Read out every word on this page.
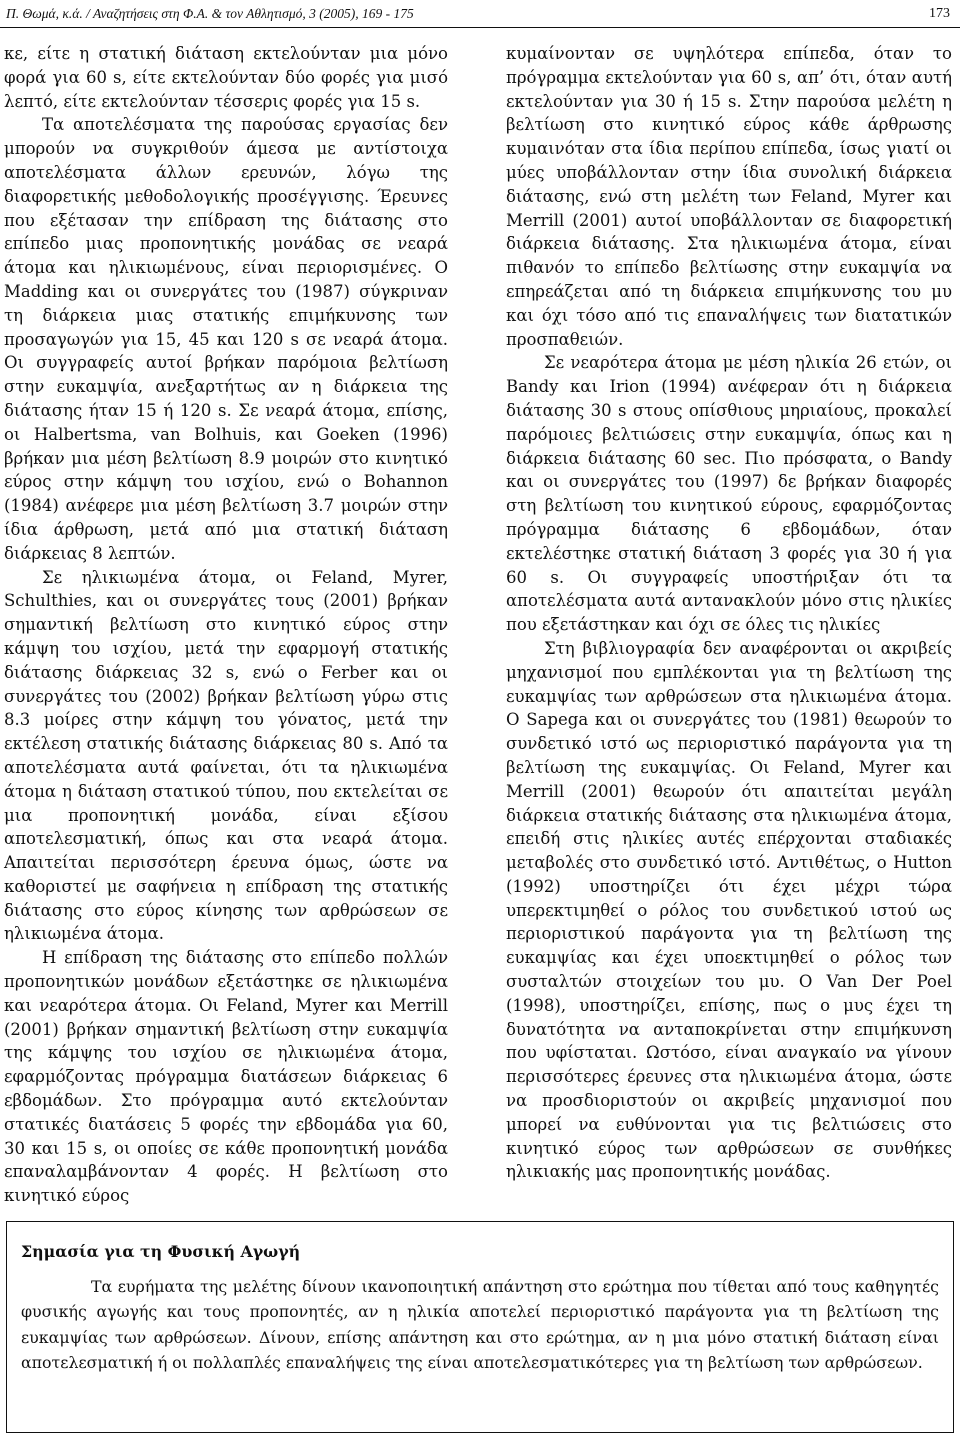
Π. Θωμά, κ.ά. / Αναζητήσεις στη Φ.Α. & τον Αθλητισμό, 3 (2005), 169 - 175	173

κε, είτε η στατική διάταση εκτελούνταν μια μόνο φορά για 60 s, είτε εκτελούνταν δύο φορές για μισό λεπτό, είτε εκτελούνταν τέσσερις φορές για 15 s.

Τα αποτελέσματα της παρούσας εργασίας δεν μπορούν να συγκριθούν άμεσα με αντίστοιχα αποτελέσματα άλλων ερευνών, λόγω της διαφορετικής μεθοδολογικής προσέγγισης. Έρευνες που εξέτασαν την επίδραση της διάτασης στο επίπεδο μιας προπονητικής μονάδας σε νεαρά άτομα και ηλικιωμένους, είναι περιορισμένες. Ο Madding και οι συνεργάτες του (1987) σύγκριναν τη διάρκεια μιας στατικής επιμήκυνσης των προσαγωγών για 15, 45 και 120 s σε νεαρά άτομα. Οι συγγραφείς αυτοί βρήκαν παρόμοια βελτίωση στην ευκαμψία, ανεξαρτήτως αν η διάρκεια της διάτασης ήταν 15 ή 120 s. Σε νεαρά άτομα, επίσης, οι Halbertsma, van Bolhuis, και Goeken (1996) βρήκαν μια μέση βελτίωση 8.9 μοιρών στο κινητικό εύρος στην κάμψη του ισχίου, ενώ ο Bohannon (1984) ανέφερε μια μέση βελτίωση 3.7 μοιρών στην ίδια άρθρωση, μετά από μια στατική διάταση διάρκειας 8 λεπτών.

Σε ηλικιωμένα άτομα, οι Feland, Myrer, Schulthies, και οι συνεργάτες τους (2001) βρήκαν σημαντική βελτίωση στο κινητικό εύρος στην κάμψη του ισχίου, μετά την εφαρμογή στατικής διάτασης διάρκειας 32 s, ενώ ο Ferber και οι συνεργάτες του (2002) βρήκαν βελτίωση γύρω στις 8.3 μοίρες στην κάμψη του γόνατος, μετά την εκτέλεση στατικής διάτασης διάρκειας 80 s. Από τα αποτελέσματα αυτά φαίνεται, ότι τα ηλικιωμένα άτομα η διάταση στατικού τύπου, που εκτελείται σε μια προπονητική μονάδα, είναι εξίσου αποτελεσματική, όπως και στα νεαρά άτομα. Απαιτείται περισσότερη έρευνα όμως, ώστε να καθοριστεί με σαφήνεια η επίδραση της στατικής διάτασης στο εύρος κίνησης των αρθρώσεων σε ηλικιωμένα άτομα.

Η επίδραση της διάτασης στο επίπεδο πολλών προπονητικών μονάδων εξετάστηκε σε ηλικιωμένα και νεαρότερα άτομα. Οι Feland, Myrer και Merrill (2001) βρήκαν σημαντική βελτίωση στην ευκαμψία της κάμψης του ισχίου σε ηλικιωμένα άτομα, εφαρμόζοντας πρόγραμμα διατάσεων διάρκειας 6 εβδομάδων. Στο πρόγραμμα αυτό εκτελούνταν στατικές διατάσεις 5 φορές την εβδομάδα για 60, 30 και 15 s, οι οποίες σε κάθε προπονητική μονάδα επαναλαμβάνονταν 4 φορές. Η βελτίωση στο κινητικό εύρος

κυμαίνονταν σε υψηλότερα επίπεδα, όταν το πρόγραμμα εκτελούνταν για 60 s, απ’ ότι, όταν αυτή εκτελούνταν για 30 ή 15 s. Στην παρούσα μελέτη η βελτίωση στο κινητικό εύρος κάθε άρθρωσης κυμαινόταν στα ίδια περίπου επίπεδα, ίσως γιατί οι μύες υποβάλλονταν στην ίδια συνολική διάρκεια διάτασης, ενώ στη μελέτη των Feland, Myrer και Merrill (2001) αυτοί υποβάλλονταν σε διαφορετική διάρκεια διάτασης. Στα ηλικιωμένα άτομα, είναι πιθανόν το επίπεδο βελτίωσης στην ευκαμψία να επηρεάζεται από τη διάρκεια επιμήκυνσης του μυ και όχι τόσο από τις επαναλήψεις των διατατικών προσπαθειών.

Σε νεαρότερα άτομα με μέση ηλικία 26 ετών, οι Bandy και Irion (1994) ανέφεραν ότι η διάρκεια διάτασης 30 s στους οπίσθιους μηριαίους, προκαλεί παρόμοιες βελτιώσεις στην ευκαμψία, όπως και η διάρκεια διάτασης 60 sec. Πιο πρόσφατα, ο Bandy και οι συνεργάτες του (1997) δε βρήκαν διαφορές στη βελτίωση του κινητικού εύρους, εφαρμόζοντας πρόγραμμα διάτασης 6 εβδομάδων, όταν εκτελέστηκε στατική διάταση 3 φορές για 30 ή για 60 s. Οι συγγραφείς υποστήριξαν ότι τα αποτελέσματα αυτά αντανακλούν μόνο στις ηλικίες που εξετάστηκαν και όχι σε όλες τις ηλικίες

Στη βιβλιογραφία δεν αναφέρονται οι ακριβείς μηχανισμοί που εμπλέκονται για τη βελτίωση της ευκαμψίας των αρθρώσεων στα ηλικιωμένα άτομα. Ο Sapega και οι συνεργάτες του (1981) θεωρούν το συνδετικό ιστό ως περιοριστικό παράγοντα για τη βελτίωση της ευκαμψίας. Οι Feland, Myrer και Merrill (2001) θεωρούν ότι απαιτείται μεγάλη διάρκεια στατικής διάτασης στα ηλικιωμένα άτομα, επειδή στις ηλικίες αυτές επέρχονται σταδιακές μεταβολές στο συνδετικό ιστό. Αντιθέτως, ο Hutton (1992) υποστηρίζει ότι έχει μέχρι τώρα υπερεκτιμηθεί ο ρόλος του συνδετικού ιστού ως περιοριστικού παράγοντα για τη βελτίωση της ευκαμψίας και έχει υποεκτιμηθεί ο ρόλος των συσταλτών στοιχείων του μυ. Ο Van Der Poel (1998), υποστηρίζει, επίσης, πως ο μυς έχει τη δυνατότητα να ανταποκρίνεται στην επιμήκυνση που υφίσταται. Ωστόσο, είναι αναγκαίο να γίνουν περισσότερες έρευνες στα ηλικιωμένα άτομα, ώστε να προσδιοριστούν οι ακριβείς μηχανισμοί που μπορεί να ευθύνονται για τις βελτιώσεις στο κινητικό εύρος των αρθρώσεων σε συνθήκες ηλικιακής μας προπονητικής μονάδας.

Σημασία για τη Φυσική Αγωγή

Τα ευρήματα της μελέτης δίνουν ικανοποιητική απάντηση στο ερώτημα που τίθεται από τους καθηγητές φυσικής αγωγής και τους προπονητές, αν η ηλικία αποτελεί περιοριστικό παράγοντα για τη βελτίωση της ευκαμψίας των αρθρώσεων. Δίνουν, επίσης απάντηση και στο ερώτημα, αν η μια μόνο στατική διάταση είναι αποτελεσματική ή οι πολλαπλές επαναλήψεις της είναι αποτελεσματικότερες για τη βελτίωση των αρθρώσεων.
